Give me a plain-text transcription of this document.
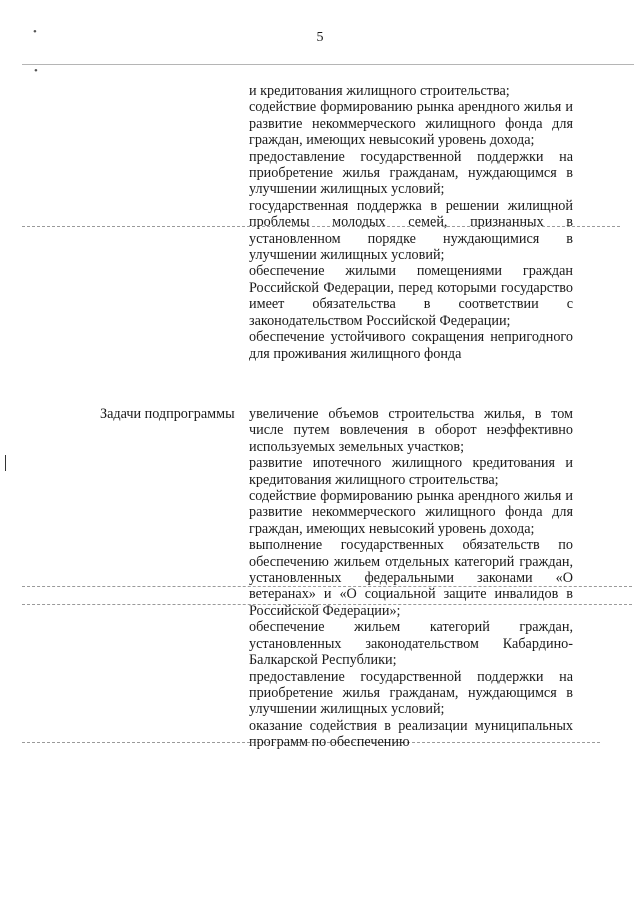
5
•
•

и кредитования жилищного строительства;

содействие формированию рынка арендного жилья и развитие некоммерческого жилищного фонда для граждан, имеющих невысокий уровень дохода;

предоставление государственной поддержки на приобретение жилья гражданам, нуждающимся в улучшении жилищных условий;

государственная поддержка в решении жилищной проблемы молодых семей, признанных в установленном порядке нуждающимися в улучшении жилищных условий;

обеспечение жилыми помещениями граждан Российской Федерации, перед которыми государство имеет обязательства в соответствии с законодательством Российской Федерации;

обеспечение устойчивого сокращения непригодного для проживания жилищного фонда

Задачи подпрограммы увеличение объемов строительства жилья, в том числе путем вовлечения в оборот неэффективно используемых земельных участков;

развитие ипотечного жилищного кредитования и кредитования жилищного строительства;

содействие формированию рынка арендного жилья и развитие некоммерческого жилищного фонда для граждан, имеющих невысокий уровень дохода;

выполнение государственных обязательств по обеспечению жильем отдельных категорий граждан, установленных федеральными законами «О ветеранах» и «О социальной защите инвалидов в Российской Федерации»;

обеспечение жильем категорий граждан, установленных законодательством Кабардино-Балкарской Республики;

предоставление государственной поддержки на приобретение жилья гражданам, нуждающимся в улучшении жилищных условий;

оказание содействия в реализации муниципальных программ по обеспечению
